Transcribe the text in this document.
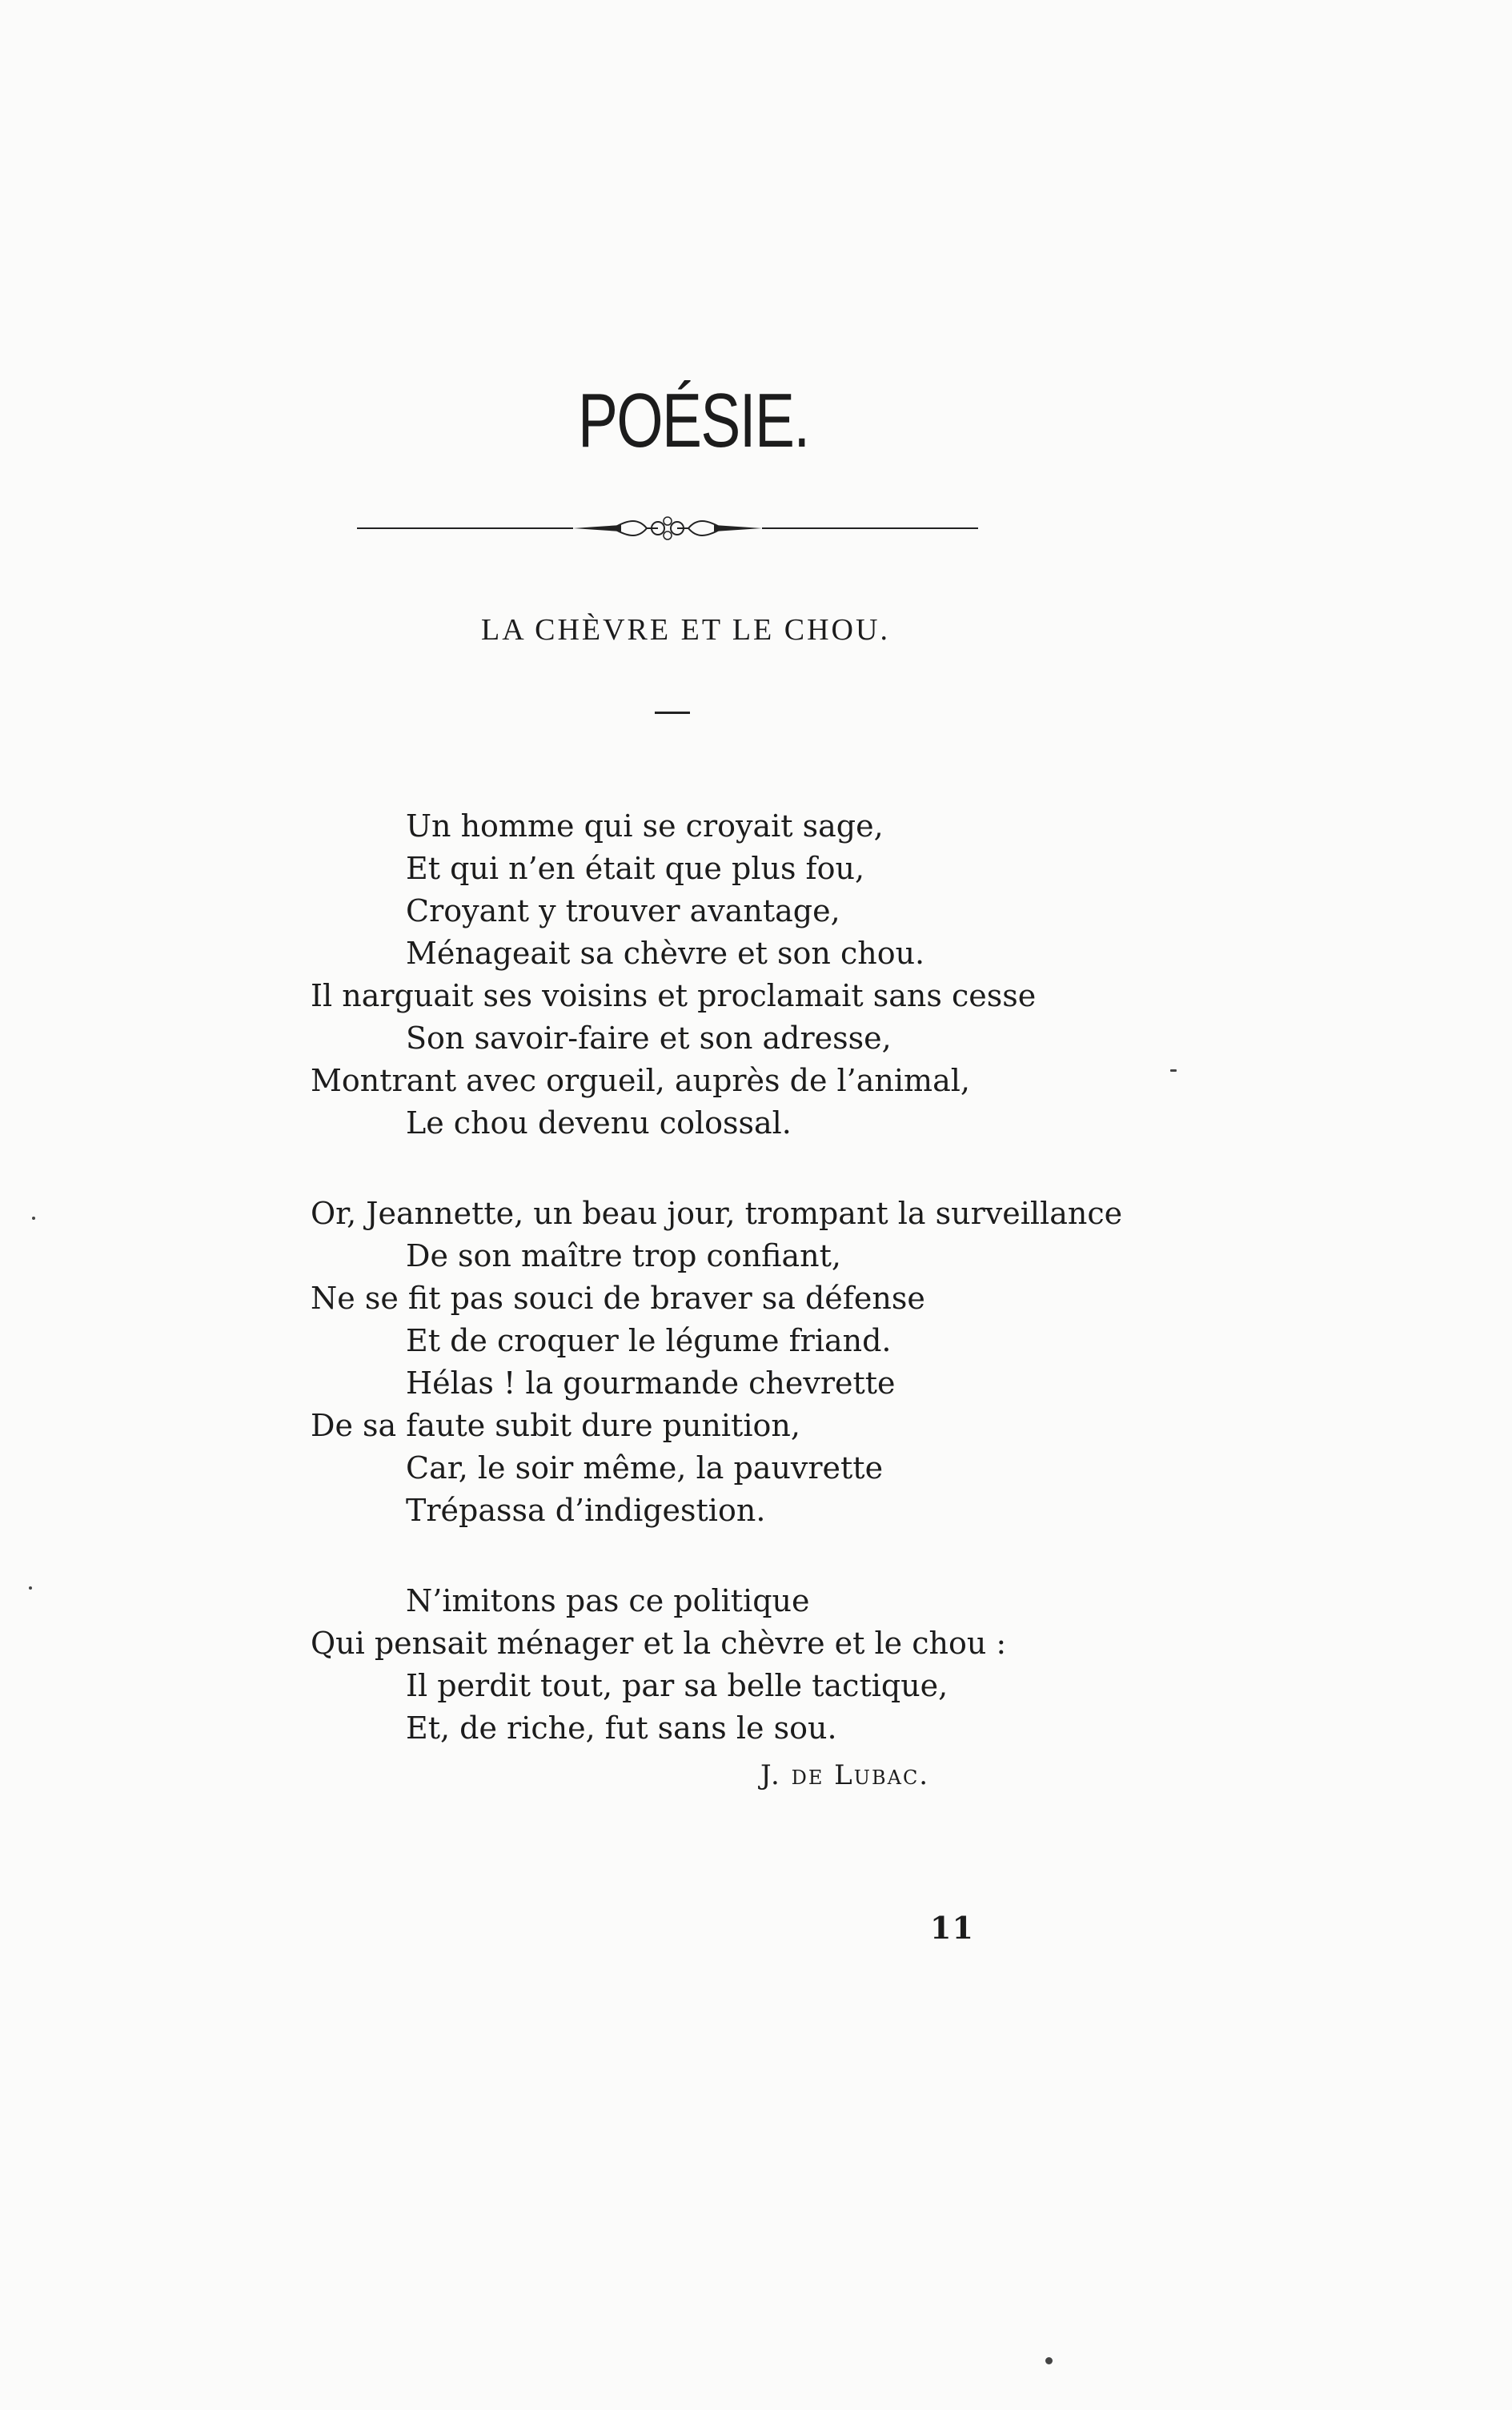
POÉSIE.
LA CHÈVRE ET LE CHOU.
Un homme qui se croyait sage,
Et qui n’en était que plus fou,
Croyant y trouver avantage,
Ménageait sa chèvre et son chou.
Il narguait ses voisins et proclamait sans cesse
Son savoir-faire et son adresse,
Montrant avec orgueil, auprès de l’animal,
Le chou devenu colossal.
Or, Jeannette, un beau jour, trompant la surveillance
De son maître trop confiant,
Ne se fit pas souci de braver sa défense
Et de croquer le légume friand.
Hélas ! la gourmande chevrette
De sa faute subit dure punition,
Car, le soir même, la pauvrette
Trépassa d’indigestion.
N’imitons pas ce politique
Qui pensait ménager et la chèvre et le chou :
Il perdit tout, par sa belle tactique,
Et, de riche, fut sans le sou.
J. de Lubac.
11
